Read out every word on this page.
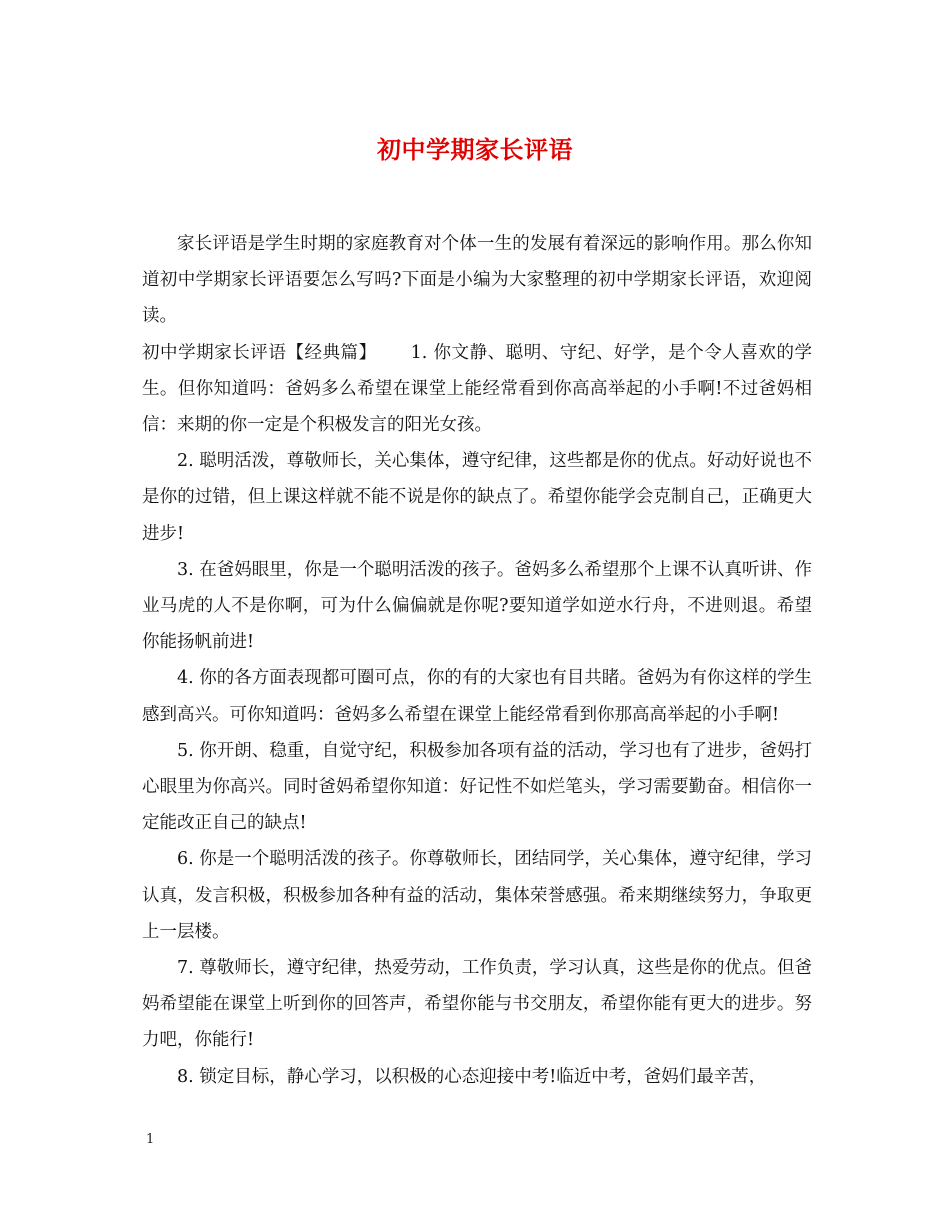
初中学期家长评语

家长评语是学生时期的家庭教育对个体一生的发展有着深远的影响作用。那么你知道初中学期家长评语要怎么写吗?下面是小编为大家整理的初中学期家长评语，欢迎阅读。

初中学期家长评语【经典篇】 1. 你文静、聪明、守纪、好学，是个令人喜欢的学生。但你知道吗：爸妈多么希望在课堂上能经常看到你高高举起的小手啊!不过爸妈相信：来期的你一定是个积极发言的阳光女孩。

2. 聪明活泼，尊敬师长，关心集体，遵守纪律，这些都是你的优点。好动好说也不是你的过错，但上课这样就不能不说是你的缺点了。希望你能学会克制自己，正确更大进步!

3. 在爸妈眼里，你是一个聪明活泼的孩子。爸妈多么希望那个上课不认真听讲、作业马虎的人不是你啊，可为什么偏偏就是你呢?要知道学如逆水行舟，不进则退。希望你能扬帆前进!

4. 你的各方面表现都可圈可点，你的有的大家也有目共睹。爸妈为有你这样的学生感到高兴。可你知道吗：爸妈多么希望在课堂上能经常看到你那高高举起的小手啊!

5. 你开朗、稳重，自觉守纪，积极参加各项有益的活动，学习也有了进步，爸妈打心眼里为你高兴。同时爸妈希望你知道：好记性不如烂笔头，学习需要勤奋。相信你一定能改正自己的缺点!

6. 你是一个聪明活泼的孩子。你尊敬师长，团结同学，关心集体，遵守纪律，学习认真，发言积极，积极参加各种有益的活动，集体荣誉感强。希来期继续努力，争取更上一层楼。

7. 尊敬师长，遵守纪律，热爱劳动，工作负责，学习认真，这些是你的优点。但爸妈希望能在课堂上听到你的回答声，希望你能与书交朋友，希望你能有更大的进步。努力吧，你能行!

8. 锁定目标，静心学习，以积极的心态迎接中考!临近中考，爸妈们最辛苦，

1
